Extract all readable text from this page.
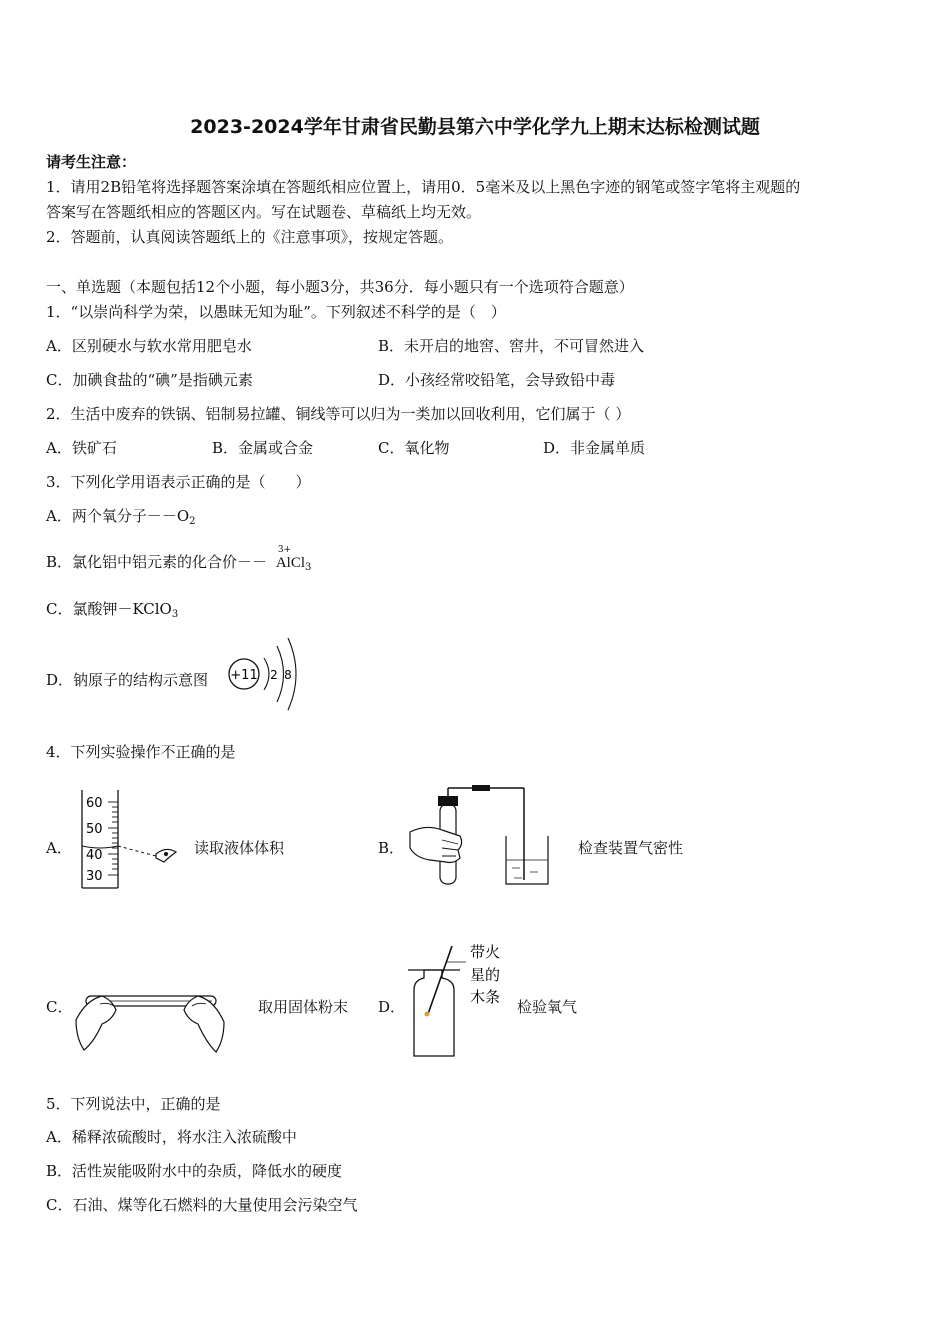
2023-2024学年甘肃省民勤县第六中学化学九上期末达标检测试题
请考生注意：
1．请用2B铅笔将选择题答案涂填在答题纸相应位置上，请用0．5毫米及以上黑色字迹的钢笔或签字笔将主观题的
答案写在答题纸相应的答题区内。写在试题卷、草稿纸上均无效。
2．答题前，认真阅读答题纸上的《注意事项》，按规定答题。
一、单选题（本题包括12个小题，每小题3分，共36分．每小题只有一个选项符合题意）
1．“以崇尚科学为荣，以愚昧无知为耻”。下列叙述不科学的是（　）
A．区别硬水与软水常用肥皂水	B．未开启的地窖、窖井，不可冒然进入
C．加碘食盐的“碘”是指碘元素	D．小孩经常咬铅笔，会导致铅中毒
2．生活中废弃的铁锅、铝制易拉罐、铜线等可以归为一类加以回收利用，它们属于（ ）
A．铁矿石	B．金属或合金	C．氧化物	D．非金属单质
3．下列化学用语表示正确的是（　　）
A．两个氧分子$--O_2$
B．氯化铝中铝元素的化合价－－
3+
AlCl$_3$
C．氯酸钾－KClO$_3$
D．钠原子的结构示意图 +11 2 8
4．下列实验操作不正确的是
A．
60
50
40
30
读取液体体积	B．	检查装置气密性
C．	取用固体粉末 D．
带火
星的
木条
检验氧气
5．下列说法中，正确的是
A．稀释浓硫酸时，将水注入浓硫酸中
B．活性炭能吸附水中的杂质，降低水的硬度
C．石油、煤等化石燃料的大量使用会污染空气
